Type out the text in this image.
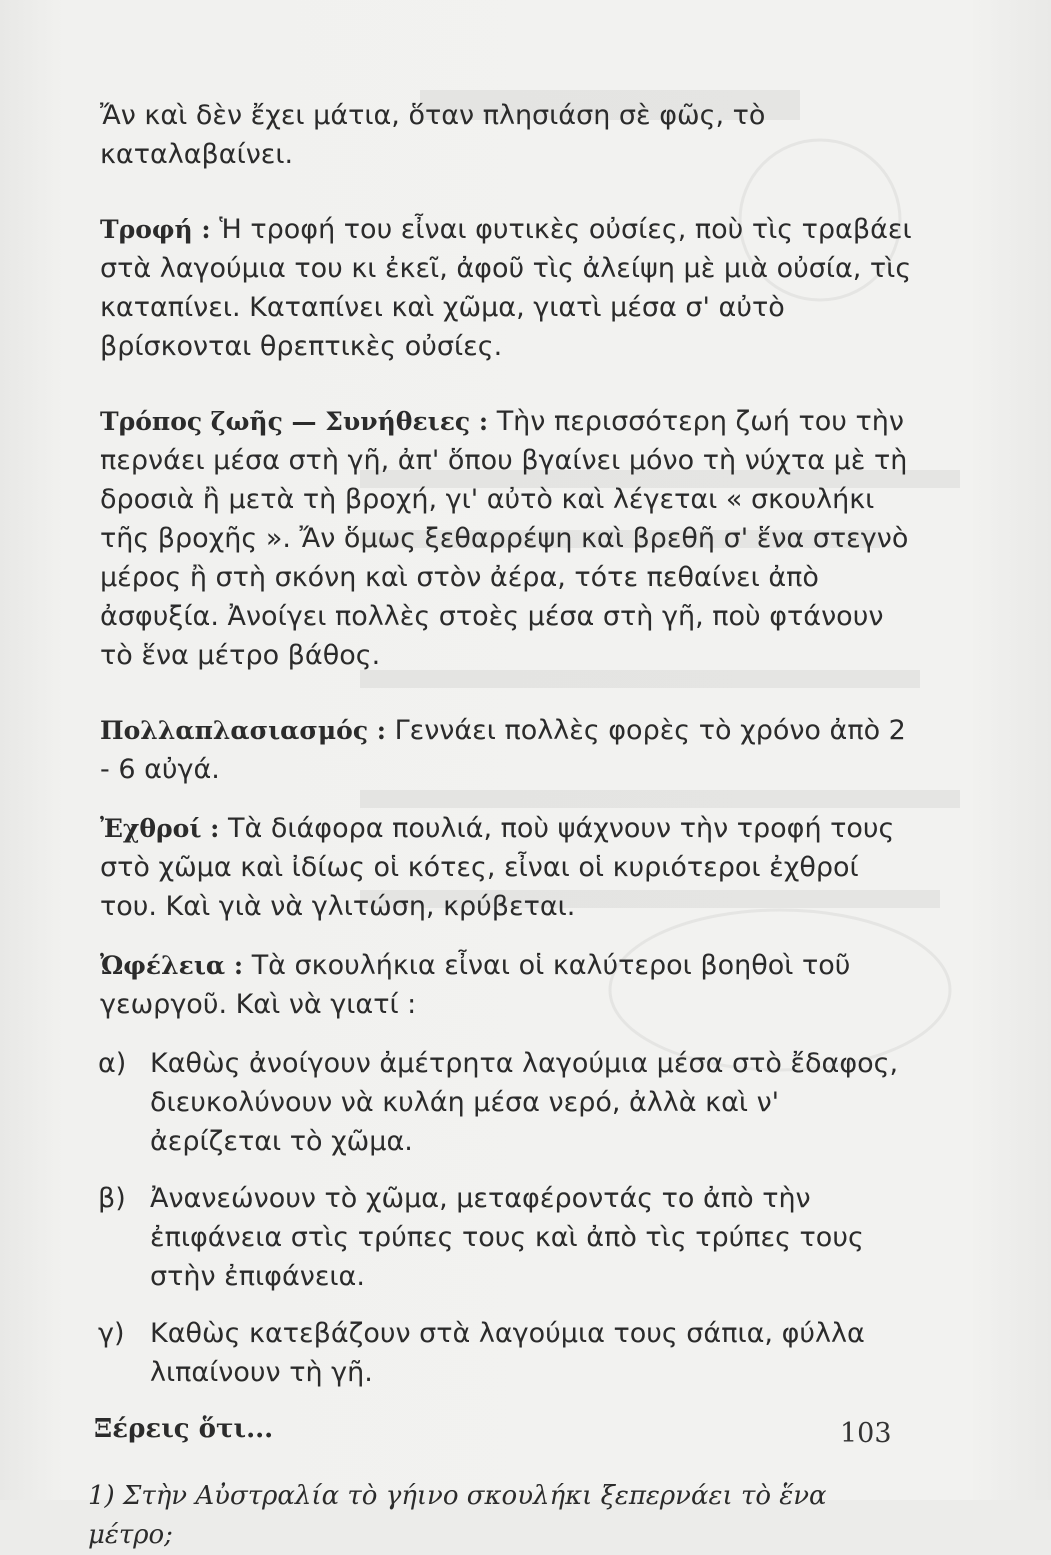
Ἄν καὶ δὲν ἔχει μάτια, ὅταν πλησιάση σὲ φῶς, τὸ καταλαβαίνει.

Τροφή : Ἡ τροφή του εἶναι φυτικὲς οὐσίες, ποὺ τὶς τραβάει στὰ λαγούμια του κι ἐκεῖ, ἀφοῦ τὶς ἀλείψη μὲ μιὰ οὐσία, τὶς καταπίνει. Καταπίνει καὶ χῶμα, γιατὶ μέσα σ' αὐτὸ βρίσκονται θρεπτικὲς οὐσίες.

Τρόπος ζωῆς — Συνήθειες : Τὴν περισσότερη ζωή του τὴν περνάει μέσα στὴ γῆ, ἀπ' ὅπου βγαίνει μόνο τὴ νύχτα μὲ τὴ δροσιὰ ἢ μετὰ τὴ βροχή, γι' αὐτὸ καὶ λέγεται « σκουλήκι τῆς βροχῆς ». Ἄν ὅμως ξεθαρρέψη καὶ βρεθῆ σ' ἕνα στεγνὸ μέρος ἢ στὴ σκόνη καὶ στὸν ἀέρα, τότε πεθαίνει ἀπὸ ἀσφυξία. Ἀνοίγει πολλὲς στοὲς μέσα στὴ γῆ, ποὺ φτάνουν τὸ ἕνα μέτρο βάθος.

Πολλαπλασιασμός : Γεννάει πολλὲς φορὲς τὸ χρόνο ἀπὸ 2 - 6 αὐγά.

Ἐχθροί : Τὰ διάφορα πουλιά, ποὺ ψάχνουν τὴν τροφή τους στὸ χῶμα καὶ ἰδίως οἱ κότες, εἶναι οἱ κυριότεροι ἐχθροί του. Καὶ γιὰ νὰ γλιτώση, κρύβεται.

Ὠφέλεια : Τὰ σκουλήκια εἶναι οἱ καλύτεροι βοηθοὶ τοῦ γεωργοῦ. Καὶ νὰ γιατί :

α) Καθὼς ἀνοίγουν ἀμέτρητα λαγούμια μέσα στὸ ἔδαφος, διευκολύνουν νὰ κυλάη μέσα νερό, ἀλλὰ καὶ ν' ἀερίζεται τὸ χῶμα.
β) Ἀνανεώνουν τὸ χῶμα, μεταφέροντάς το ἀπὸ τὴν ἐπιφάνεια στὶς τρύπες τους καὶ ἀπὸ τὶς τρύπες τους στὴν ἐπιφάνεια.
γ) Καθὼς κατεβάζουν στὰ λαγούμια τους σάπια, φύλλα λιπαίνουν τὴ γῆ.
Ξέρεις ὅτι...
1) Στὴν Αὐστραλία τὸ γήινο σκουλήκι ξεπερνάει τὸ ἕνα μέτρο;
103
